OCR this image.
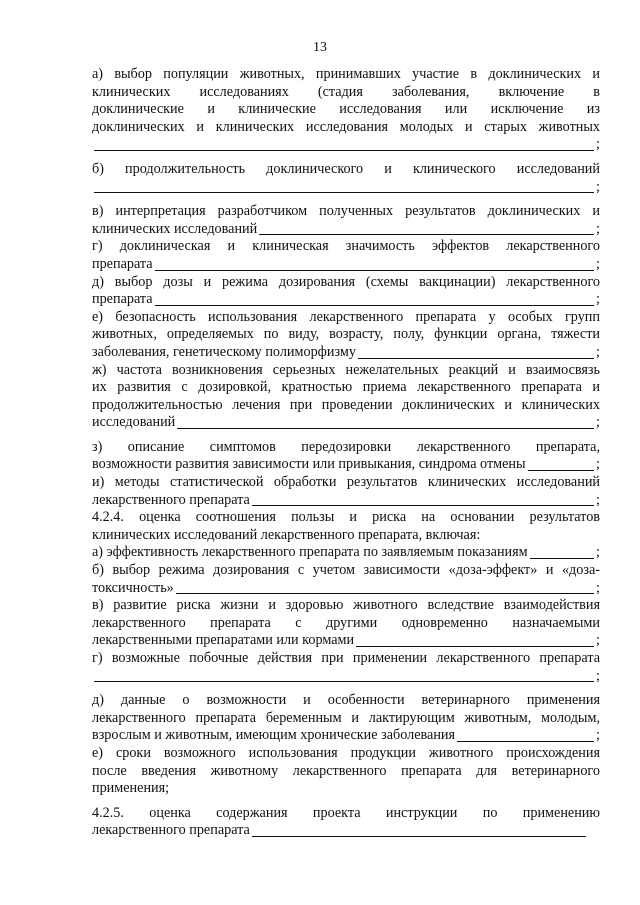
13
а) выбор популяции животных, принимавших участие в доклинических и
клинических исследованиях (стадия заболевания, включение в
доклинические и клинические исследования или исключение из
доклинических и клинических исследования молодых и старых животных
;
б) продолжительность доклинического и клинического исследований
;
в) интерпретация разработчиком полученных результатов доклинических и
клинических исследований	;
г) доклиническая и клиническая значимость эффектов лекарственного
препарата	;
д) выбор дозы и режима дозирования (схемы вакцинации) лекарственного
препарата	;
е) безопасность использования лекарственного препарата у особых групп
животных, определяемых по виду, возрасту, полу, функции органа, тяжести
заболевания, генетическому полиморфизму	;
ж) частота возникновения серьезных нежелательных реакций и взаимосвязь
их развития с дозировкой, кратностью приема лекарственного препарата и
продолжительностью лечения при проведении доклинических и клинических
исследований	;
з) описание симптомов передозировки лекарственного препарата,
возможности развития зависимости или привыкания, синдрома отмены	;
и) методы статистической обработки результатов клинических исследований
лекарственного препарата	;
4.2.4. оценка соотношения пользы и риска на основании результатов
клинических исследований лекарственного препарата, включая:
а) эффективность лекарственного препарата по заявляемым показаниям	;
б) выбор режима дозирования с учетом зависимости «доза-эффект» и «доза-
токсичность»	;
в) развитие риска жизни и здоровью животного вследствие взаимодействия
лекарственного препарата с другими одновременно назначаемыми
лекарственными препаратами или кормами	;
г) возможные побочные действия при применении лекарственного препарата
;
д) данные о возможности и особенности ветеринарного применения
лекарственного препарата беременным и лактирующим животным, молодым,
взрослым и животным, имеющим хронические заболевания	;
е) сроки возможного использования продукции животного происхождения
после введения животному лекарственного препарата для ветеринарного
применения;
4.2.5. оценка содержания проекта инструкции по применению
лекарственного препарата
